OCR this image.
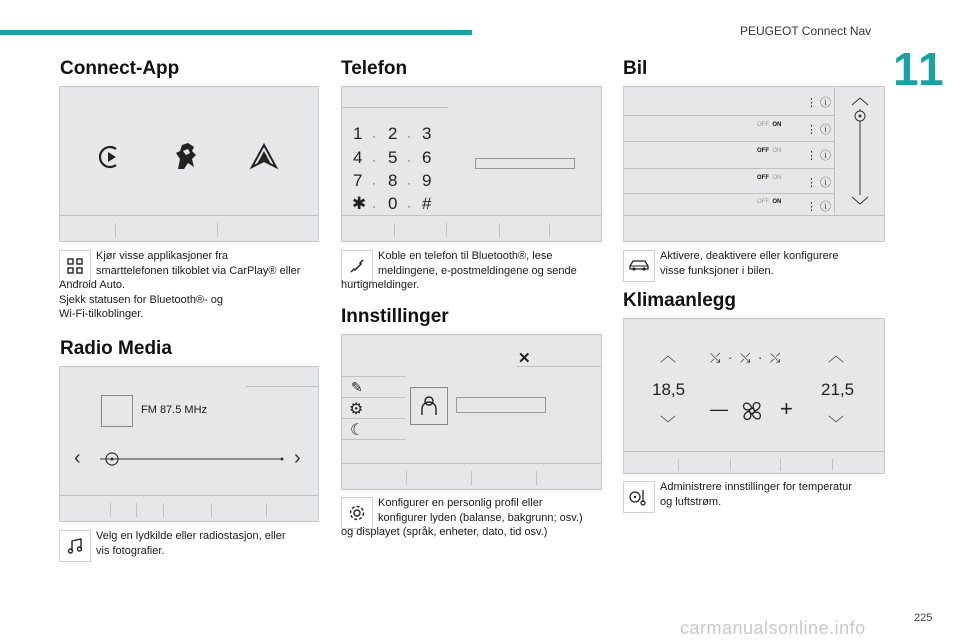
PEUGEOT Connect Nav
11
Connect-App
Kjør visse applikasjoner fra
smarttelefonen tilkoblet via CarPlay® eller
Android Auto.
Sjekk statusen for Bluetooth®- og
Wi-Fi-tilkoblinger.
Radio Media
FM 87.5 MHz
‹	›
Velg en lydkilde eller radiostasjon, eller
vis fotografier.
Telefon
1 2 3
4 5 6
7 8 9
✱ 0 #
·	·
·	·
·	·
·	·
Koble en telefon til Bluetooth®, lese
meldingene, e-postmeldingene og sende
hurtigmeldinger.
Innstillinger
✕
✎
⚙
☾
Konfigurer en personlig profil eller
konfigurer lyden (balanse, bakgrunn; osv.)
og displayet (språk, enheter, dato, tid osv.)
Bil
⋮ ⓘ
⋮ ⓘ
⋮ ⓘ
⋮ ⓘ
⋮ ⓘ
OFF ON
OFF ON
OFF ON
OFF ON
Aktivere, deaktivere eller konfigurere
visse funksjoner i bilen.
Klimaanlegg
︿	︿
18,5	21,5
﹀	﹀
⤯ · ⤯ · ⤯
— +
Administrere innstillinger for temperatur
og luftstrøm.
carmanualsonline.info	225
